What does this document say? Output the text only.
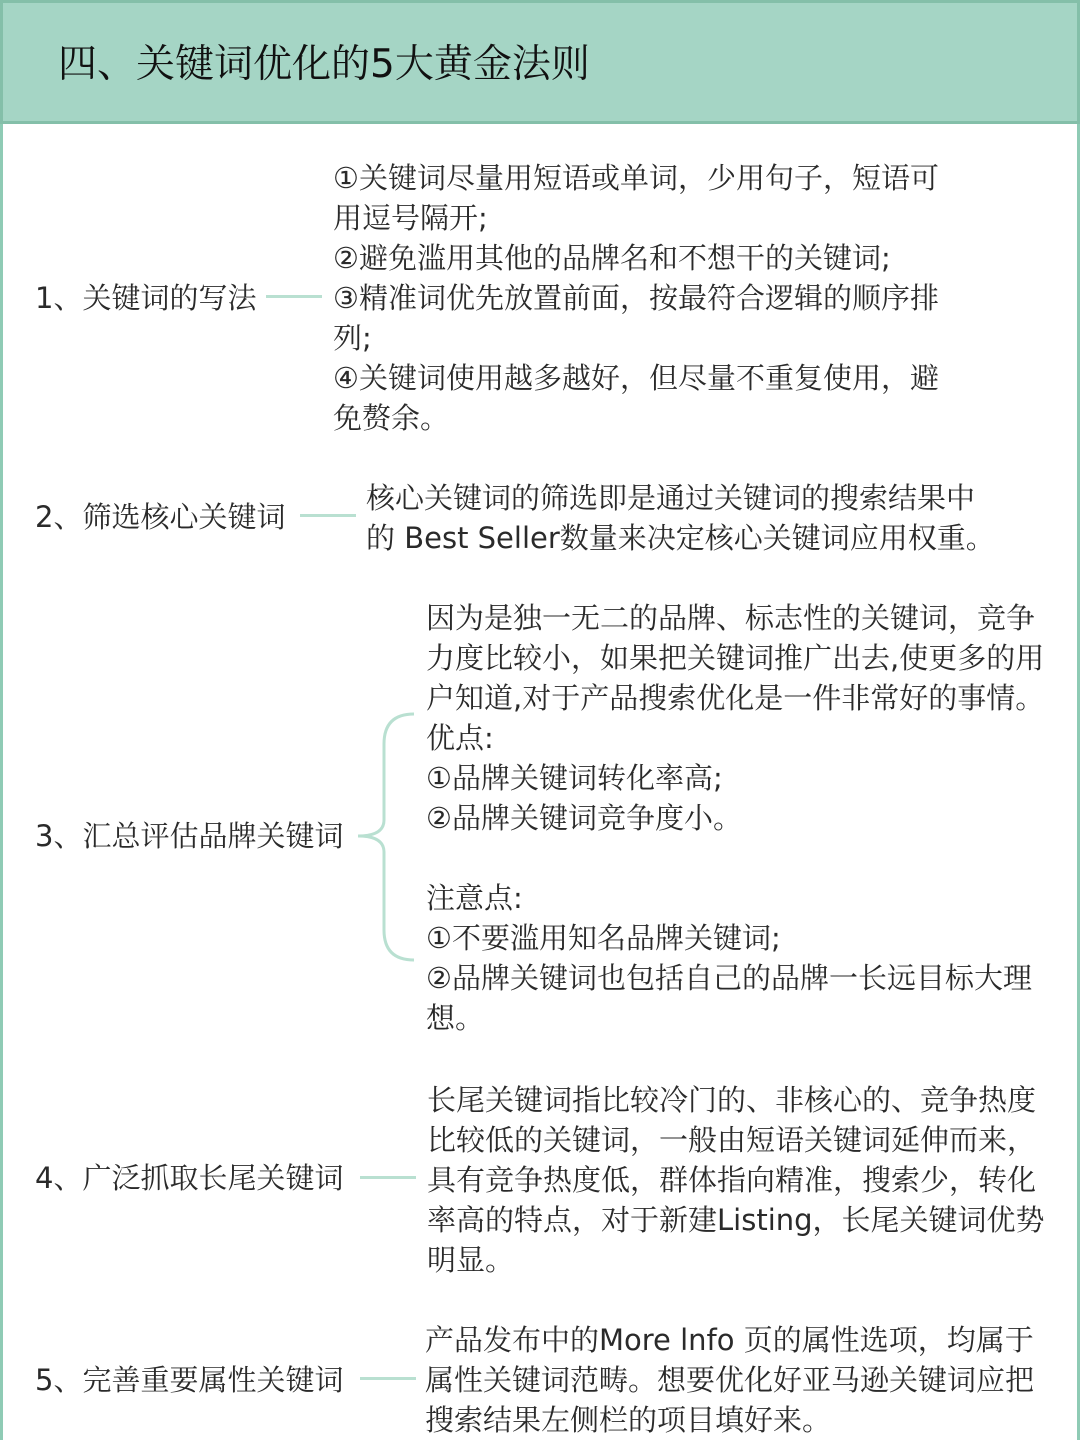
四、关键词优化的5大黄金法则
1、关键词的写法
①关键词尽量用短语或单词，少用句子，短语可
用逗号隔开;
②避免滥用其他的品牌名和不想干的关键词;
③精准词优先放置前面，按最符合逻辑的顺序排
列;
④关键词使用越多越好，但尽量不重复使用，避
免赘余。
2、筛选核心关键词
核心关键词的筛选即是通过关键词的搜索结果中
的 Best Seller数量来决定核心关键词应用权重。
3、汇总评估品牌关键词
因为是独一无二的品牌、标志性的关键词，竞争
力度比较小，如果把关键词推广出去,使更多的用
户知道,对于产品搜索优化是一件非常好的事情。
优点:
①品牌关键词转化率高;
②品牌关键词竞争度小。
注意点:
①不要滥用知名品牌关键词;
②品牌关键词也包括自己的品牌一长远目标大理
想。
4、广泛抓取长尾关键词
长尾关键词指比较冷门的、非核心的、竞争热度
比较低的关键词，一般由短语关键词延伸而来，
具有竞争热度低，群体指向精准，搜索少，转化
率高的特点，对于新建Listing，长尾关键词优势
明显。
5、完善重要属性关键词
产品发布中的More lnfo 页的属性选项，均属于
属性关键词范畴。想要优化好亚马逊关键词应把
搜索结果左侧栏的项目填好来。
